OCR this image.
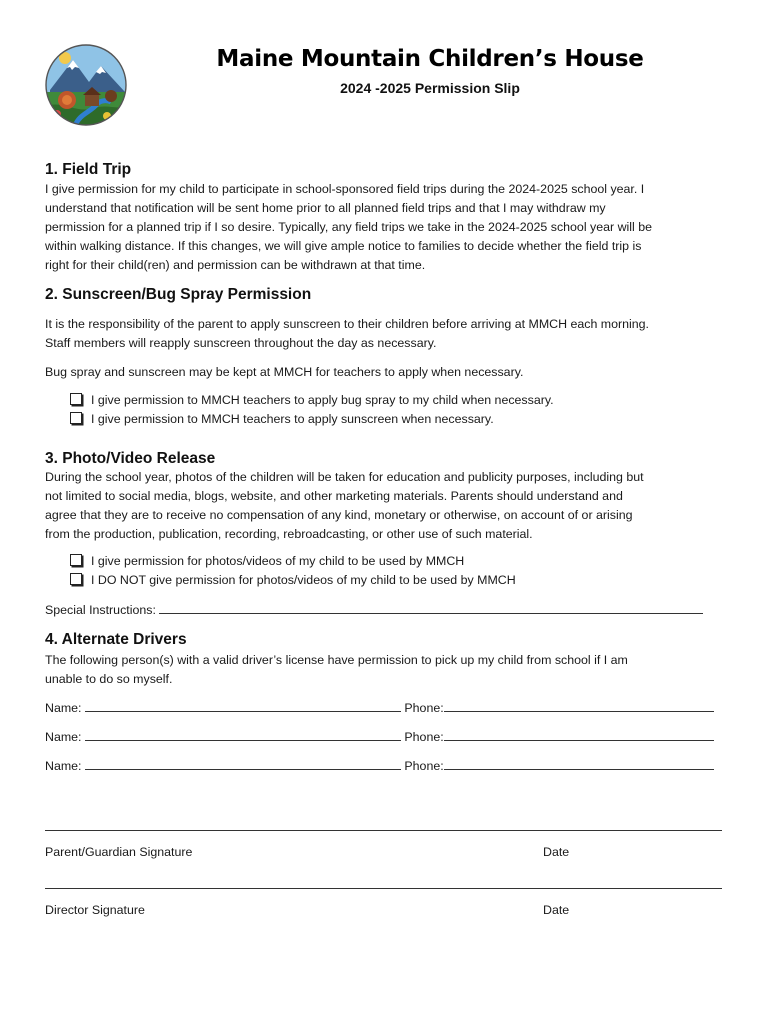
Maine Mountain Children’s House
2024 -2025 Permission Slip
1. Field Trip
I give permission for my child to participate in school-sponsored field trips during the 2024-2025 school year. I
understand that notification will be sent home prior to all planned field trips and that I may withdraw my
permission for a planned trip if I so desire. Typically, any field trips we take in the 2024-2025 school year will be
within walking distance. If this changes, we will give ample notice to families to decide whether the field trip is
right for their child(ren) and permission can be withdrawn at that time.
2. Sunscreen/Bug Spray Permission
It is the responsibility of the parent to apply sunscreen to their children before arriving at MMCH each morning.
Staff members will reapply sunscreen throughout the day as necessary.
Bug spray and sunscreen may be kept at MMCH for teachers to apply when necessary.
I give permission to MMCH teachers to apply bug spray to my child when necessary.
I give permission to MMCH teachers to apply sunscreen when necessary.
3. Photo/Video Release
During the school year, photos of the children will be taken for education and publicity purposes, including but
not limited to social media, blogs, website, and other marketing materials. Parents should understand and
agree that they are to receive no compensation of any kind, monetary or otherwise, on account of or arising
from the production, publication, recording, rebroadcasting, or other use of such material.
I give permission for photos/videos of my child to be used by MMCH
I DO NOT give permission for photos/videos of my child to be used by MMCH
Special Instructions:
4. Alternate Drivers
The following person(s) with a valid driver’s license have permission to pick up my child from school if I am
unable to do so myself.
Name:	Phone:
Name:	Phone:
Name:	Phone:
Parent/Guardian Signature	Date
Director Signature	Date
